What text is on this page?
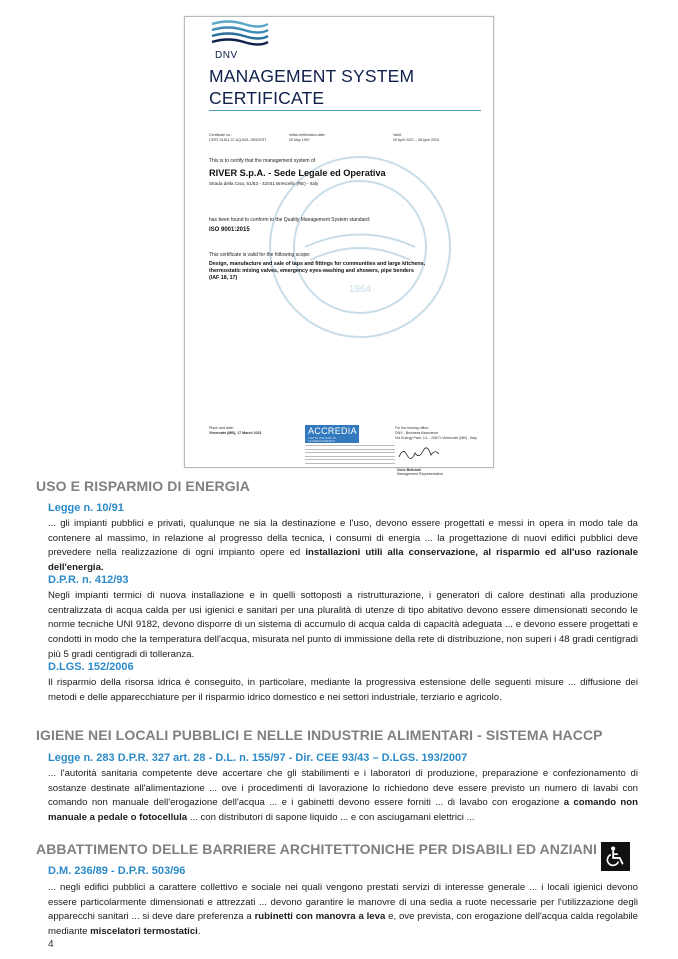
DNV
MANAGEMENT SYSTEM
CERTIFICATE
Certificate no.:
CERT-01811-97-AQ-BOL-SINCERT
Initial certification date:
20 May 1997
Valid:
09 April 2021 – 08 April 2024
1864
This is to certify that the management system of
RIVER S.p.A. - Sede Legale ed Operativa
Strada della Cisa, 51/53 - 42041 Brescello (RE) - Italy
has been found to conform to the Quality Management System standard:
ISO 9001:2015
This certificate is valid for the following scope:
Design, manufacture and sale of taps and fittings for communities and large kitchens,
thermostatic mixing valves, emergency eyes-washing and showers, pipe benders
(IAF 18, 17)
Place and date:
Vimercate (MB), 17 March 2021	ACCREDIA
L'ENTE ITALIANO DI ACCREDITAMENTO
For the issuing office:
DNV - Business Assurance
Via Energy Park, 14, - 20871 Vimercate (MB) - Italy
Zeno Beltrami
Management Representative
USO E RISPARMIO DI ENERGIA
Legge n. 10/91
... gli impianti pubblici e privati, qualunque ne sia la destinazione e l'uso, devono essere progettati e messi in opera in modo tale da contenere al massimo, in relazione al progresso della tecnica, i consumi di energia ... la progettazione di nuovi edifici pubblici deve prevedere nella realizzazione di ogni impianto opere ed installazioni utili alla conservazione, al risparmio ed all'uso razionale dell'energia.
D.P.R. n. 412/93
Negli impianti termici di nuova installazione e in quelli sottoposti a ristrutturazione, i generatori di calore destinati alla produzione centralizzata di acqua calda per usi igienici e sanitari per una pluralità di utenze di tipo abitativo devono essere dimensionati secondo le norme tecniche UNI 9182, devono disporre di un sistema di accumulo di acqua calda di capacità adeguata ... e devono essere progettati e condotti in modo che la temperatura dell'acqua, misurata nel punto di immissione della rete di distribuzione, non superi i 48 gradi centigradi più 5 gradi centigradi di tolleranza.
D.LGS. 152/2006
Il risparmio della risorsa idrica è conseguito, in particolare, mediante la progressiva estensione delle seguenti misure ... diffusione dei metodi e delle apparecchiature per il risparmio idrico domestico e nei settori industriale, terziario e agricolo.
IGIENE NEI LOCALI PUBBLICI E NELLE INDUSTRIE ALIMENTARI - SISTEMA HACCP
Legge n. 283 D.P.R. 327 art. 28 - D.L. n. 155/97 - Dir. CEE 93/43 – D.LGS. 193/2007
... l'autorità sanitaria competente deve accertare che gli stabilimenti e i laboratori di produzione, preparazione e confezionamento di sostanze destinate all'alimentazione ... ove i procedimenti di lavorazione lo richiedono deve essere previsto un numero di lavabi con comando non manuale dell'erogazione dell'acqua ... e i gabinetti devono essere forniti ... di lavabo con erogazione a comando non manuale a pedale o fotocellula ... con distributori di sapone liquido ... e con asciugamani elettrici ...
ABBATTIMENTO DELLE BARRIERE ARCHITETTONICHE PER DISABILI ED ANZIANI
D.M. 236/89 - D.P.R. 503/96
... negli edifici pubblici a carattere collettivo e sociale nei quali vengono prestati servizi di interesse generale ... i locali igienici devono essere particolarmente dimensionati e attrezzati ... devono garantire le manovre di una sedia a ruote necessarie per l'utilizzazione degli apparecchi sanitari ... si deve dare preferenza a rubinetti con manovra a leva e, ove prevista, con erogazione dell'acqua calda regolabile mediante miscelatori termostatici.
4
